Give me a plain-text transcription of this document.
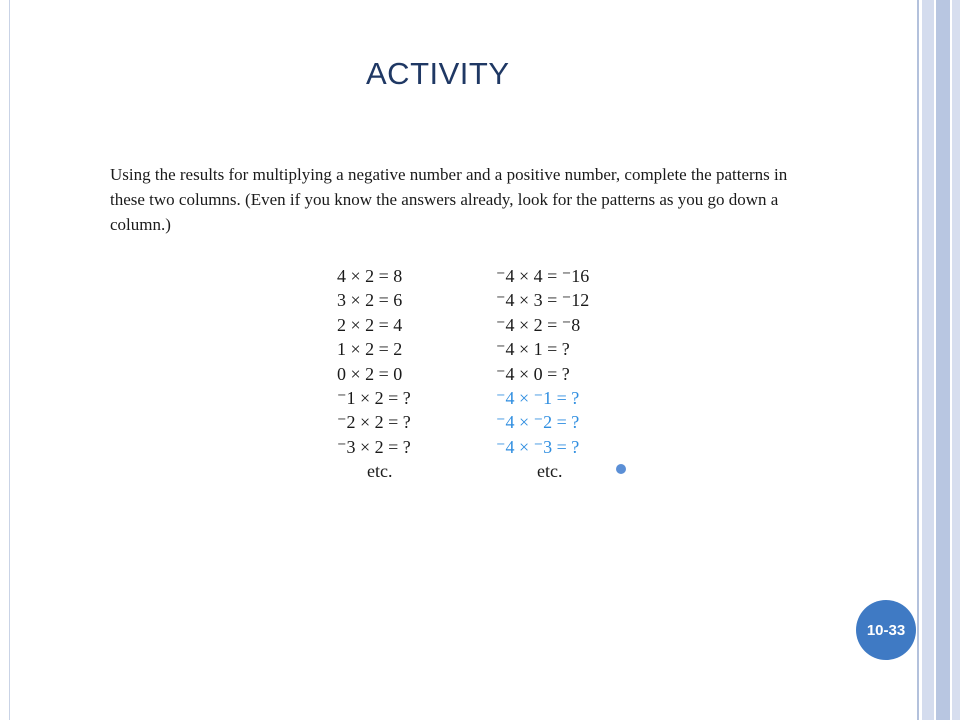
ACTIVITY
Using the results for multiplying a negative number and a positive number, complete the patterns in these two columns. (Even if you know the answers already, look for the patterns as you go down a column.)
4 × 2 = 8
3 × 2 = 6
2 × 2 = 4
1 × 2 = 2
0 × 2 = 0
⁻1 × 2 = ?
⁻2 × 2 = ?
⁻3 × 2 = ?
etc.
⁻4 × 4 = ⁻16
⁻4 × 3 = ⁻12
⁻4 × 2 = ⁻8
⁻4 × 1 = ?
⁻4 × 0 = ?
⁻4 × ⁻1 = ?
⁻4 × ⁻2 = ?
⁻4 × ⁻3 = ?
etc.
10-33
